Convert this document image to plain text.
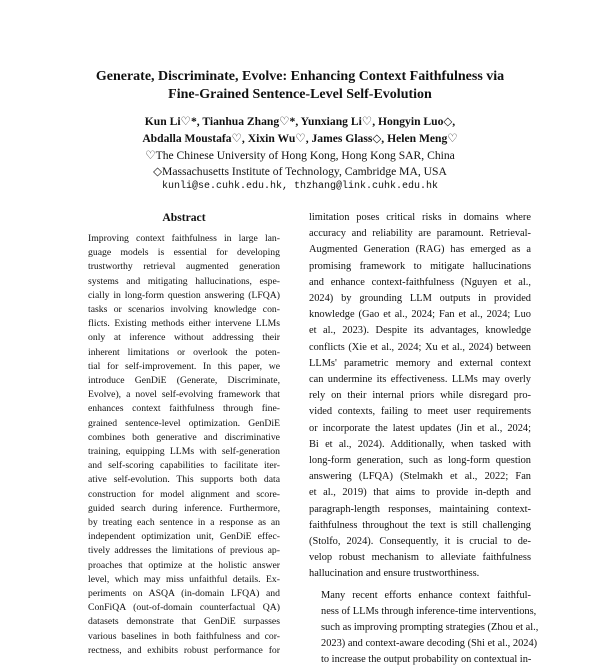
Generate, Discriminate, Evolve: Enhancing Context Faithfulness via
Fine-Grained Sentence-Level Self-Evolution
Kun Li♡*, Tianhua Zhang♡*, Yunxiang Li♡, Hongyin Luo◇,
Abdalla Moustafa♡, Xixin Wu♡, James Glass◇, Helen Meng♡
♡The Chinese University of Hong Kong, Hong Kong SAR, China
◇Massachusetts Institute of Technology, Cambridge MA, USA
kunli@se.cuhk.edu.hk, thzhang@link.cuhk.edu.hk
Abstract
Improving context faithfulness in large lan-
guage models is essential for developing
trustworthy retrieval augmented generation
systems and mitigating hallucinations, espe-
cially in long-form question answering (LFQA)
tasks or scenarios involving knowledge con-
flicts. Existing methods either intervene LLMs
only at inference without addressing their
inherent limitations or overlook the poten-
tial for self-improvement. In this paper, we
introduce GenDiE (Generate, Discriminate,
Evolve), a novel self-evolving framework that
enhances context faithfulness through fine-
grained sentence-level optimization. GenDiE
combines both generative and discriminative
training, equipping LLMs with self-generation
and self-scoring capabilities to facilitate iter-
ative self-evolution. This supports both data
construction for model alignment and score-
guided search during inference. Furthermore,
by treating each sentence in a response as an
independent optimization unit, GenDiE effec-
tively addresses the limitations of previous ap-
proaches that optimize at the holistic answer
level, which may miss unfaithful details. Ex-
periments on ASQA (in-domain LFQA) and
ConFiQA (out-of-domain counterfactual QA)
datasets demonstrate that GenDiE surpasses
various baselines in both faithfulness and cor-
rectness, and exhibits robust performance for

limitation poses critical risks in domains where
accuracy and reliability are paramount. Retrieval-
Augmented Generation (RAG) has emerged as a
promising framework to mitigate hallucinations
and enhance context-faithfulness (Nguyen et al.,
2024) by grounding LLM outputs in provided
knowledge (Gao et al., 2024; Fan et al., 2024; Luo
et al., 2023). Despite its advantages, knowledge
conflicts (Xie et al., 2024; Xu et al., 2024) between
LLMs' parametric memory and external context
can undermine its effectiveness. LLMs may overly
rely on their internal priors while disregard pro-
vided contexts, failing to meet user requirements
or incorporate the latest updates (Jin et al., 2024;
Bi et al., 2024). Additionally, when tasked with
long-form generation, such as long-form question
answering (LFQA) (Stelmakh et al., 2022; Fan
et al., 2019) that aims to provide in-depth and
paragraph-length responses, maintaining context-
faithfulness throughout the text is still challenging
(Stolfo, 2024). Consequently, it is crucial to de-
velop robust mechanism to alleviate faithfulness
hallucination and ensure trustworthiness.

Many recent efforts enhance context faithful-
ness of LLMs through inference-time interventions,
such as improving prompting strategies (Zhou et al.,
2023) and context-aware decoding (Shi et al., 2024)
to increase the output probability on contextual in-
